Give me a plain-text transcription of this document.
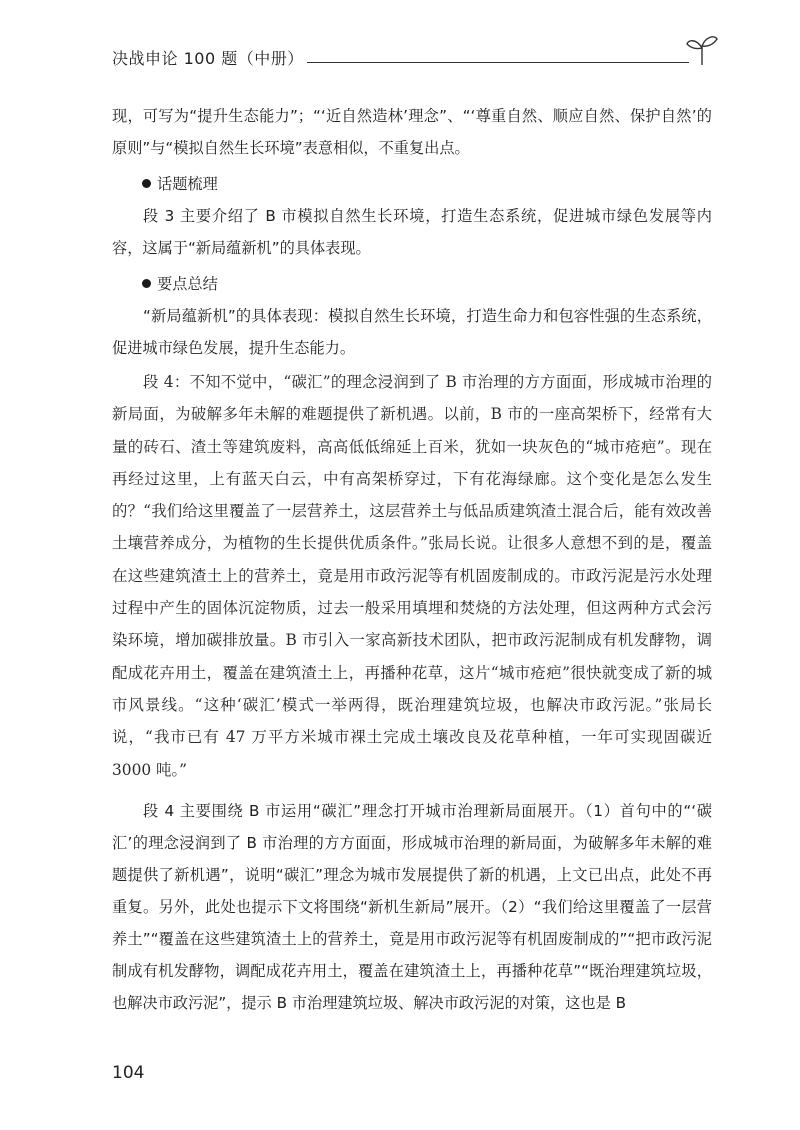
决战申论 100 题（中册）

现，可写为“提升生态能力”；“‘近自然造林’理念”、“‘尊重自然、顺应自然、保护自然’的原则”与“模拟自然生长环境”表意相似，不重复出点。

话题梳理

段 3 主要介绍了 B 市模拟自然生长环境，打造生态系统，促进城市绿色发展等内容，这属于“新局蕴新机”的具体表现。

要点总结

“新局蕴新机”的具体表现：模拟自然生长环境，打造生命力和包容性强的生态系统，促进城市绿色发展，提升生态能力。

段 4：不知不觉中，“碳汇”的理念浸润到了 B 市治理的方方面面，形成城市治理的新局面，为破解多年未解的难题提供了新机遇。以前，B 市的一座高架桥下，经常有大量的砖石、渣土等建筑废料，高高低低绵延上百米，犹如一块灰色的“城市疮疤”。现在再经过这里，上有蓝天白云，中有高架桥穿过，下有花海绿廊。这个变化是怎么发生的？“我们给这里覆盖了一层营养土，这层营养土与低品质建筑渣土混合后，能有效改善土壤营养成分，为植物的生长提供优质条件。”张局长说。让很多人意想不到的是，覆盖在这些建筑渣土上的营养土，竟是用市政污泥等有机固废制成的。市政污泥是污水处理过程中产生的固体沉淀物质，过去一般采用填埋和焚烧的方法处理，但这两种方式会污染环境，增加碳排放量。B 市引入一家高新技术团队，把市政污泥制成有机发酵物，调配成花卉用土，覆盖在建筑渣土上，再播种花草，这片“城市疮疤”很快就变成了新的城市风景线。“这种‘碳汇’模式一举两得，既治理建筑垃圾，也解决市政污泥。”张局长说，“我市已有 47 万平方米城市裸土完成土壤改良及花草种植，一年可实现固碳近 3000 吨。”

段 4 主要围绕 B 市运用“碳汇”理念打开城市治理新局面展开。（1）首句中的“‘碳汇’的理念浸润到了 B 市治理的方方面面，形成城市治理的新局面，为破解多年未解的难题提供了新机遇”，说明“碳汇”理念为城市发展提供了新的机遇，上文已出点，此处不再重复。另外，此处也提示下文将围绕“新机生新局”展开。（2）“我们给这里覆盖了一层营养土”“覆盖在这些建筑渣土上的营养土，竟是用市政污泥等有机固废制成的”“把市政污泥制成有机发酵物，调配成花卉用土，覆盖在建筑渣土上，再播种花草”“既治理建筑垃圾，也解决市政污泥”，提示 B 市治理建筑垃圾、解决市政污泥的对策，这也是 B

104
